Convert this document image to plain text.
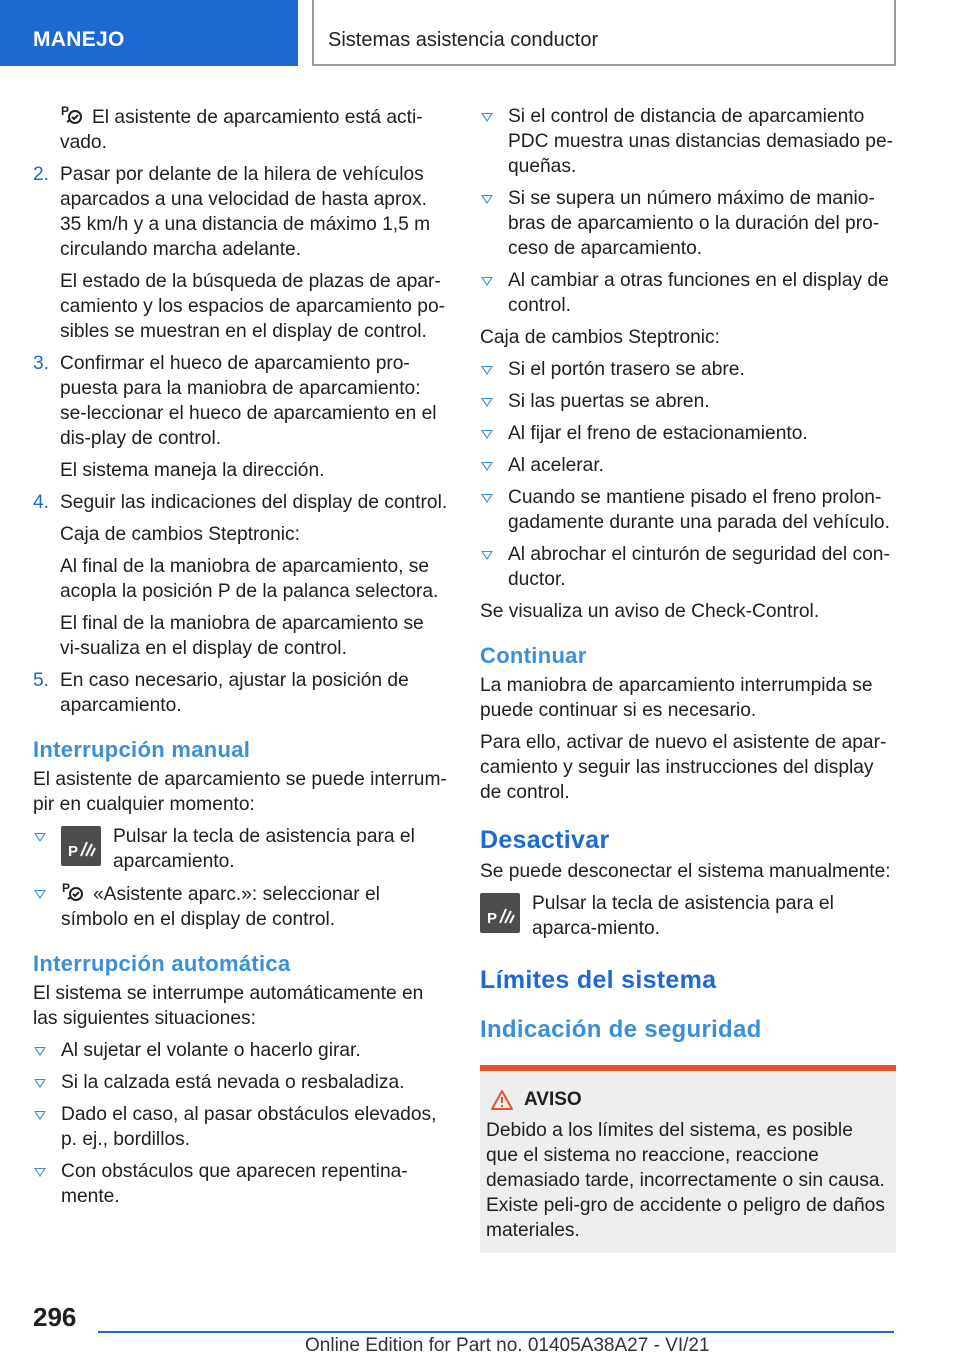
MANEJO	Sistemas asistencia conductor

P El asistente de aparcamiento está acti-vado.

2. Pasar por delante de la hilera de vehículos aparcados a una velocidad de hasta aprox. 35 km/h y a una distancia de máximo 1,5 m circulando marcha adelante.

El estado de la búsqueda de plazas de apar-camiento y los espacios de aparcamiento po-sibles se muestran en el display de control.

3. Confirmar el hueco de aparcamiento pro-puesta para la maniobra de aparcamiento: se-leccionar el hueco de aparcamiento en el dis-play de control.

El sistema maneja la dirección.

4. Seguir las indicaciones del display de control.

Caja de cambios Steptronic:

Al final de la maniobra de aparcamiento, se acopla la posición P de la palanca selectora.

El final de la maniobra de aparcamiento se vi-sualiza en el display de control.

5. En caso necesario, ajustar la posición de aparcamiento.

Interrupción manual

El asistente de aparcamiento se puede interrum-pir en cualquier momento:

P
Pulsar la tecla de asistencia para el aparcamiento.
P «Asistente aparc.»: seleccionar el símbolo en el display de control.
Interrupción automática

El sistema se interrumpe automáticamente en las siguientes situaciones:

Al sujetar el volante o hacerlo girar.
Si la calzada está nevada o resbaladiza.
Dado el caso, al pasar obstáculos elevados, p. ej., bordillos.
Con obstáculos que aparecen repentina-mente.
Si el control de distancia de aparcamiento PDC muestra unas distancias demasiado pe-queñas.
Si se supera un número máximo de manio-bras de aparcamiento o la duración del pro-ceso de aparcamiento.
Al cambiar a otras funciones en el display de control.

Caja de cambios Steptronic:

Si el portón trasero se abre.
Si las puertas se abren.
Al fijar el freno de estacionamiento.
Al acelerar.
Cuando se mantiene pisado el freno prolon-gadamente durante una parada del vehículo.
Al abrochar el cinturón de seguridad del con-ductor.

Se visualiza un aviso de Check-Control.

Continuar

La maniobra de aparcamiento interrumpida se puede continuar si es necesario.

Para ello, activar de nuevo el asistente de apar-camiento y seguir las instrucciones del display de control.

Desactivar

Se puede desconectar el sistema manualmente:

P
Pulsar la tecla de asistencia para el aparca-miento.
Límites del sistema
Indicación de seguridad
AVISO

Debido a los límites del sistema, es posible que el sistema no reaccione, reaccione demasiado tarde, incorrectamente o sin causa. Existe peli-gro de accidente o peligro de daños materiales.

296
Online Edition for Part no. 01405A38A27 - VI/21
